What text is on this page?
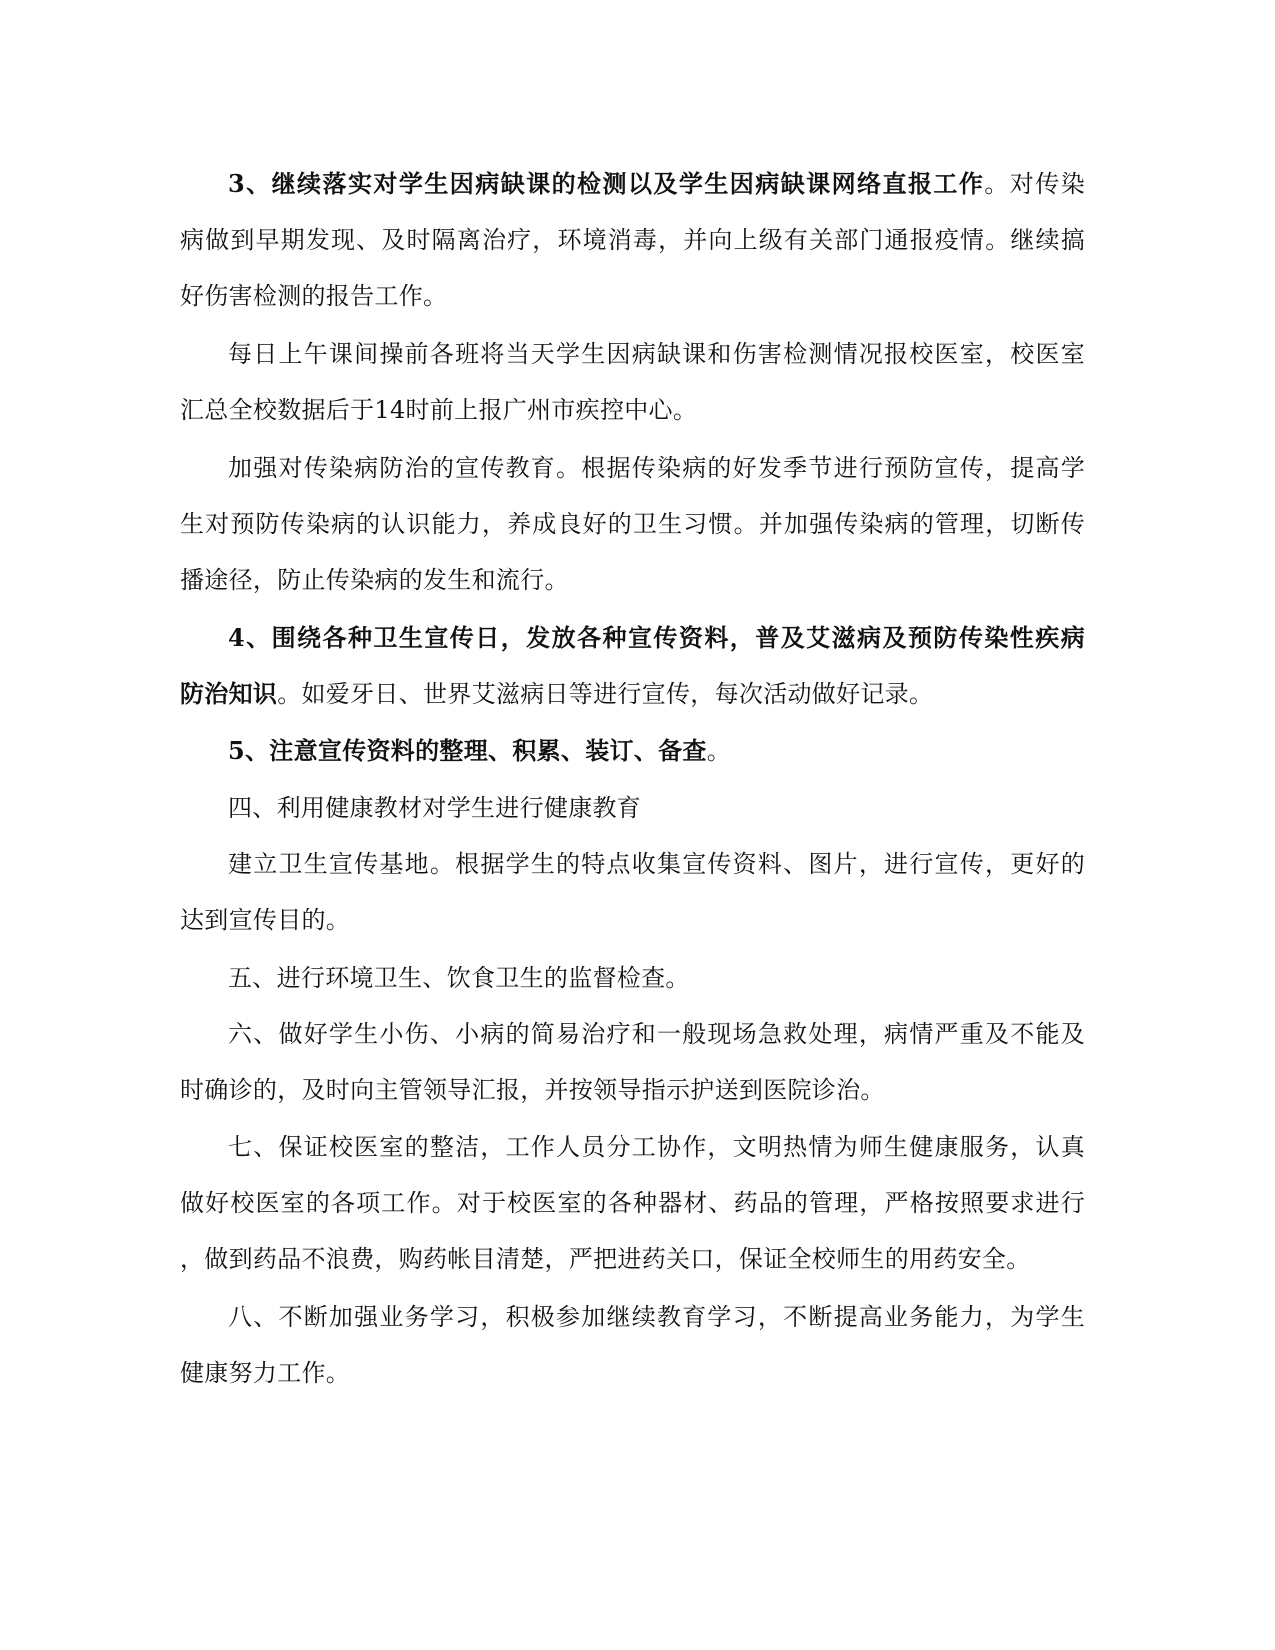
3、继续落实对学生因病缺课的检测以及学生因病缺课网络直报工作。对传染
病做到早期发现、及时隔离治疗，环境消毒，并向上级有关部门通报疫情。继续搞
好伤害检测的报告工作。
每日上午课间操前各班将当天学生因病缺课和伤害检测情况报校医室，校医室
汇总全校数据后于14时前上报广州市疾控中心。
加强对传染病防治的宣传教育。根据传染病的好发季节进行预防宣传，提高学
生对预防传染病的认识能力，养成良好的卫生习惯。并加强传染病的管理，切断传
播途径，防止传染病的发生和流行。
4、围绕各种卫生宣传日，发放各种宣传资料，普及艾滋病及预防传染性疾病
防治知识。如爱牙日、世界艾滋病日等进行宣传，每次活动做好记录。
5、注意宣传资料的整理、积累、装订、备查。
四、利用健康教材对学生进行健康教育
建立卫生宣传基地。根据学生的特点收集宣传资料、图片，进行宣传，更好的
达到宣传目的。
五、进行环境卫生、饮食卫生的监督检查。
六、做好学生小伤、小病的简易治疗和一般现场急救处理，病情严重及不能及
时确诊的，及时向主管领导汇报，并按领导指示护送到医院诊治。
七、保证校医室的整洁，工作人员分工协作，文明热情为师生健康服务，认真
做好校医室的各项工作。对于校医室的各种器材、药品的管理，严格按照要求进行
，做到药品不浪费，购药帐目清楚，严把进药关口，保证全校师生的用药安全。
八、不断加强业务学习，积极参加继续教育学习，不断提高业务能力，为学生
健康努力工作。
